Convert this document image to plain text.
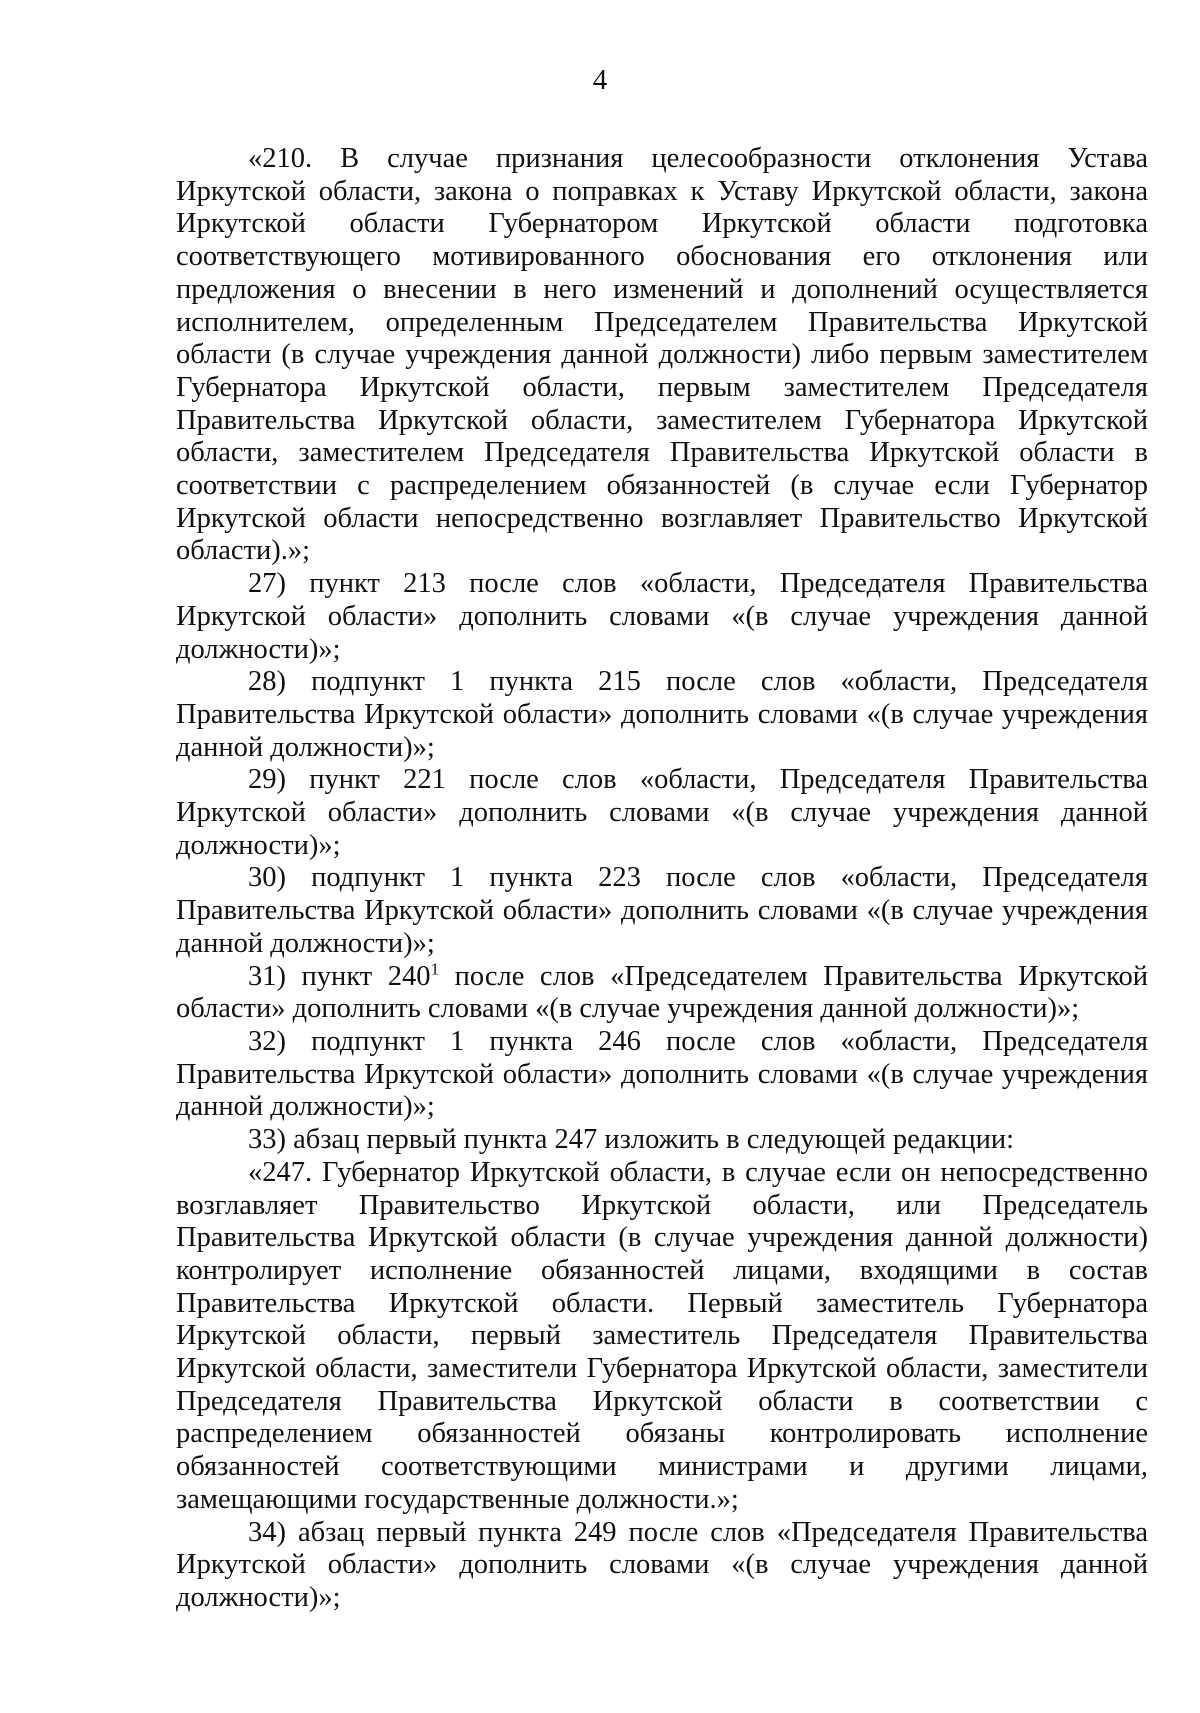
4

«210. В случае признания целесообразности отклонения Устава Иркутской области, закона о поправках к Уставу Иркутской области, закона Иркутской области Губернатором Иркутской области подготовка соответствующего мотивированного обоснования его отклонения или предложения о внесении в него изменений и дополнений осуществляется исполнителем, определенным Председателем Правительства Иркутской области (в случае учреждения данной должности) либо первым заместителем Губернатора Иркутской области, первым заместителем Председателя Правительства Иркутской области, заместителем Губернатора Иркутской области, заместителем Председателя Правительства Иркутской области в соответствии с распределением обязанностей (в случае если Губернатор Иркутской области непосредственно возглавляет Правительство Иркутской области).»;

27) пункт 213 после слов «области, Председателя Правительства Иркутской области» дополнить словами «(в случае учреждения данной должности)»;

28) подпункт 1 пункта 215 после слов «области, Председателя Правительства Иркутской области» дополнить словами «(в случае учреждения данной должности)»;

29) пункт 221 после слов «области, Председателя Правительства Иркутской области» дополнить словами «(в случае учреждения данной должности)»;

30) подпункт 1 пункта 223 после слов «области, Председателя Правительства Иркутской области» дополнить словами «(в случае учреждения данной должности)»;

31) пункт $240^1$ после слов «Председателем Правительства Иркутской области» дополнить словами «(в случае учреждения данной должности)»;

32) подпункт 1 пункта 246 после слов «области, Председателя Правительства Иркутской области» дополнить словами «(в случае учреждения данной должности)»;

33) абзац первый пункта 247 изложить в следующей редакции:

«247. Губернатор Иркутской области, в случае если он непосредственно возглавляет Правительство Иркутской области, или Председатель Правительства Иркутской области (в случае учреждения данной должности) контролирует исполнение обязанностей лицами, входящими в состав Правительства Иркутской области. Первый заместитель Губернатора Иркутской области, первый заместитель Председателя Правительства Иркутской области, заместители Губернатора Иркутской области, заместители Председателя Правительства Иркутской области в соответствии с распределением обязанностей обязаны контролировать исполнение обязанностей соответствующими министрами и другими лицами, замещающими государственные должности.»;

34) абзац первый пункта 249 после слов «Председателя Правительства Иркутской области» дополнить словами «(в случае учреждения данной должности)»;
